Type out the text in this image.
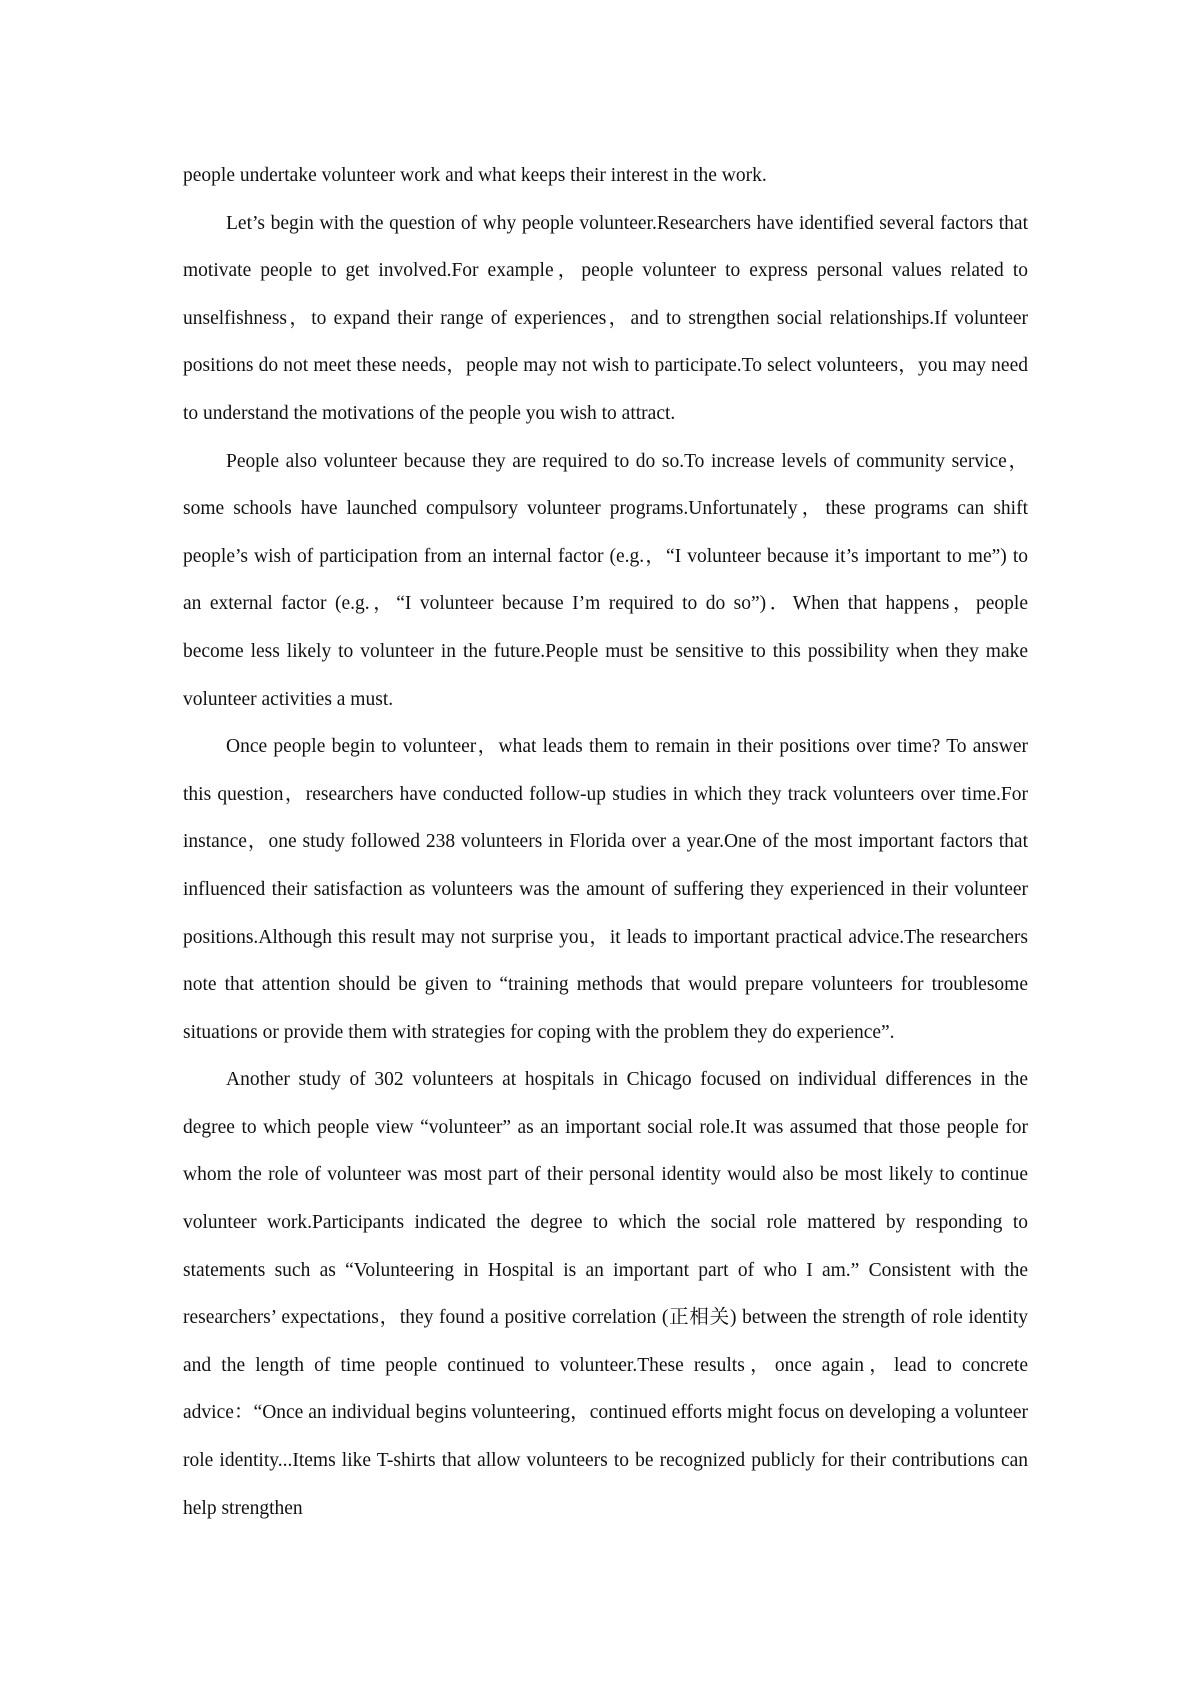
people undertake volunteer work and what keeps their interest in the work.

Let’s begin with the question of why people volunteer.Researchers have identified several factors that motivate people to get involved.For example，people volunteer to express personal values related to unselfishness，to expand their range of experiences，and to strengthen social relationships.If volunteer positions do not meet these needs，people may not wish to participate.To select volunteers，you may need to understand the motivations of the people you wish to attract.

People also volunteer because they are required to do so.To increase levels of community service，some schools have launched compulsory volunteer programs.Unfortunately，these programs can shift people’s wish of participation from an internal factor (e.g.，“I volunteer because it’s important to me”) to an external factor (e.g.，“I volunteer because I’m required to do so”)．When that happens，people become less likely to volunteer in the future.People must be sensitive to this possibility when they make volunteer activities a must.

Once people begin to volunteer，what leads them to remain in their positions over time? To answer this question，researchers have conducted follow-up studies in which they track volunteers over time.For instance，one study followed 238 volunteers in Florida over a year.One of the most important factors that influenced their satisfaction as volunteers was the amount of suffering they experienced in their volunteer positions.Although this result may not surprise you，it leads to important practical advice.The researchers note that attention should be given to “training methods that would prepare volunteers for troublesome situations or provide them with strategies for coping with the problem they do experience”.

Another study of 302 volunteers at hospitals in Chicago focused on individual differences in the degree to which people view “volunteer” as an important social role.It was assumed that those people for whom the role of volunteer was most part of their personal identity would also be most likely to continue volunteer work.Participants indicated the degree to which the social role mattered by responding to statements such as “Volunteering in Hospital is an important part of who I am.” Consistent with the researchers’ expectations，they found a positive correlation (正相关) between the strength of role identity and the length of time people continued to volunteer.These results，once again，lead to concrete advice：“Once an individual begins volunteering，continued efforts might focus on developing a volunteer role identity...Items like T-shirts that allow volunteers to be recognized publicly for their contributions can help strengthen
